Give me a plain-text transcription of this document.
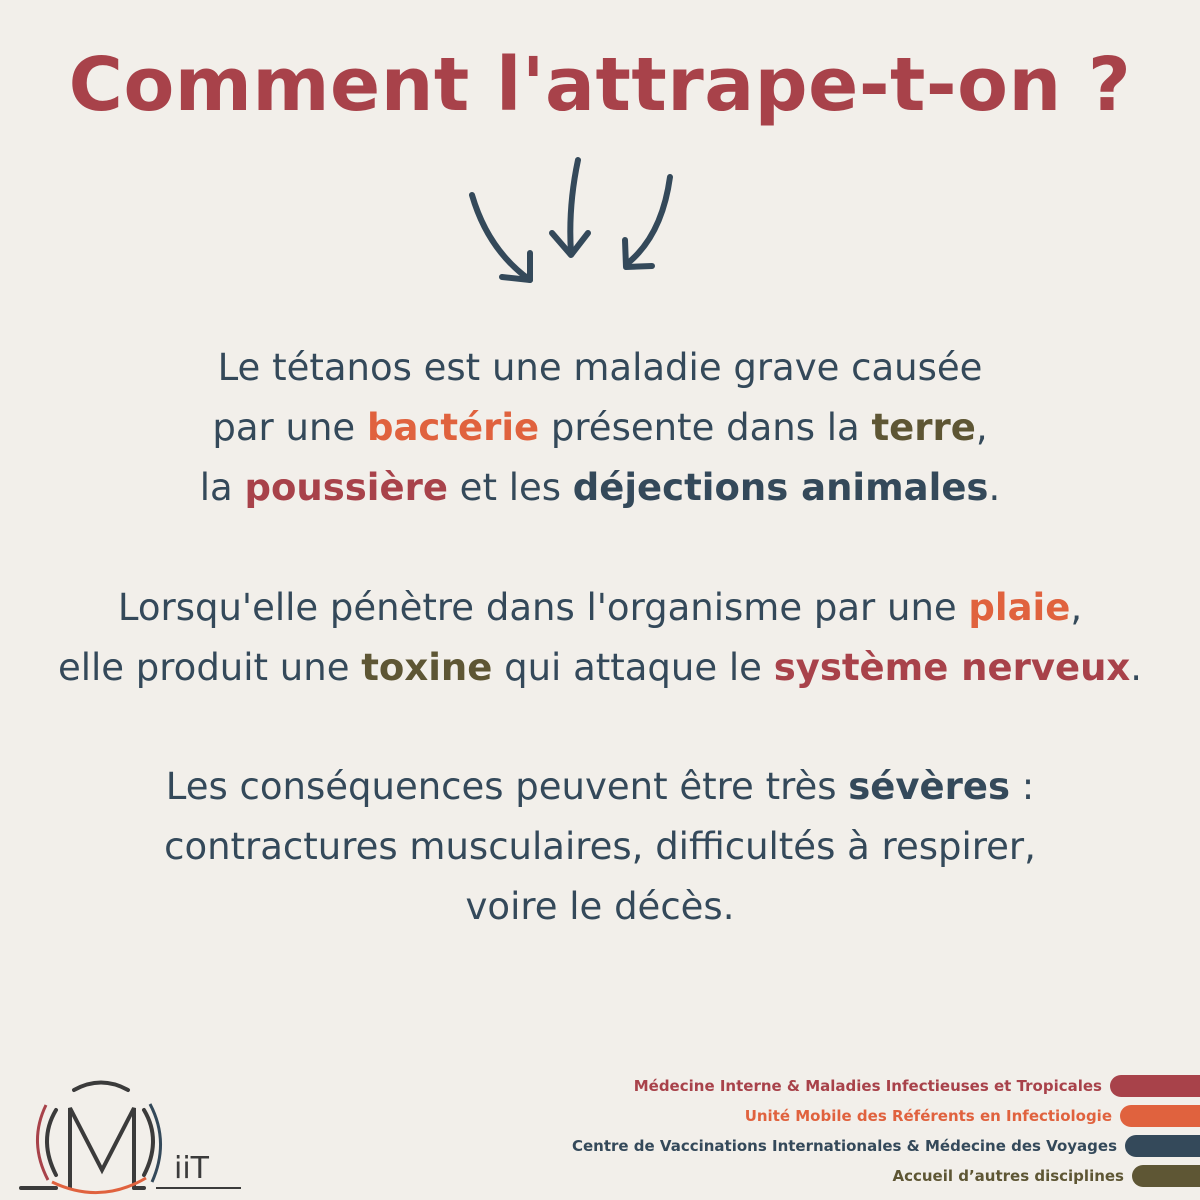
Comment l'attrape-t-on ?
Le tétanos est une maladie grave causée
par une bactérie présente dans la terre,
la poussière et les déjections animales.
Lorsqu'elle pénètre dans l'organisme par une plaie,
elle produit une toxine qui attaque le système nerveux.
Les conséquences peuvent être très sévères :
contractures musculaires, difficultés à respirer,
voire le décès.
iiT
Médecine Interne & Maladies Infectieuses et Tropicales
Unité Mobile des Référents en Infectiologie
Centre de Vaccinations Internationales & Médecine des Voyages
Accueil d’autres disciplines
